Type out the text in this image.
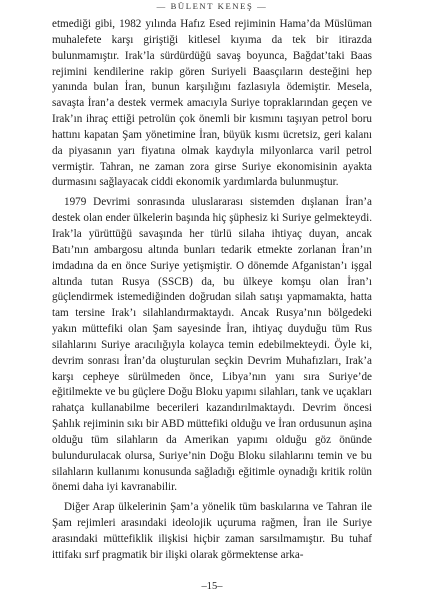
— BÜLENT KENEŞ —

etmediği gibi, 1982 yılında Hafız Esed rejiminin Hama’da Müslüman muhalefete karşı giriştiği kitlesel kıyıma da tek bir itirazda bulunmamıştır. Irak’la sürdürdüğü savaş boyunca, Bağdat’taki Baas rejimini kendilerine rakip gören Suriyeli Baasçıların desteğini hep yanında bulan İran, bunun karşılığını fazlasıyla ödemiştir. Mesela, savaşta İran’a destek vermek amacıyla Suriye topraklarından geçen ve Irak’ın ihraç ettiği petrolün çok önemli bir kısmını taşıyan petrol boru hattını kapatan Şam yönetimine İran, büyük kısmı ücretsiz, geri kalanı da piyasanın yarı fiyatına olmak kaydıyla milyonlarca varil petrol vermiştir. Tahran, ne zaman zora girse Suriye ekonomisinin ayakta durmasını sağlayacak ciddi ekonomik yardımlarda bulunmuştur.

1979 Devrimi sonrasında uluslararası sistemden dışlanan İran’a destek olan ender ülkelerin başında hiç şüphesiz ki Suriye gelmekteydi. Irak’la yürüttüğü savaşında her türlü silaha ihtiyaç duyan, ancak Batı’nın ambargosu altında bunları tedarik etmekte zorlanan İran’ın imdadına da en önce Suriye yetişmiştir. O dönemde Afganistan’ı işgal altında tutan Rusya (SSCB) da, bu ülkeye komşu olan İran’ı güçlendirmek istemediğinden doğrudan silah satışı yapmamakta, hatta tam tersine Irak’ı silahlandırmaktaydı. Ancak Rusya’nın bölgedeki yakın müttefiki olan Şam sayesinde İran, ihtiyaç duyduğu tüm Rus silahlarını Suriye aracılığıyla kolayca temin edebilmekteydi. Öyle ki, devrim sonrası İran’da oluşturulan seçkin Devrim Muhafızları, Irak’a karşı cepheye sürülmeden önce, Libya’nın yanı sıra Suriye’de eğitilmekte ve bu güçlere Doğu Bloku yapımı silahları, tank ve uçakları rahatça kullanabilme becerileri kazandırılmaktaydı. Devrim öncesi Şahlık rejiminin sıkı bir ABD müttefiki olduğu ve İran ordusunun aşina olduğu tüm silahların da Amerikan yapımı olduğu göz önünde bulundurulacak olursa, Suriye’nin Doğu Bloku silahlarını temin ve bu silahların kullanımı konusunda sağladığı eğitimle oynadığı kritik rolün önemi daha iyi kavranabilir.

Diğer Arap ülkelerinin Şam’a yönelik tüm baskılarına ve Tahran ile Şam rejimleri arasındaki ideolojik uçuruma rağmen, İran ile Suriye arasındaki müttefiklik ilişkisi hiçbir zaman sarsılmamıştır. Bu tuhaf ittifakı sırf pragmatik bir ilişki olarak görmektense arka-

–15–
